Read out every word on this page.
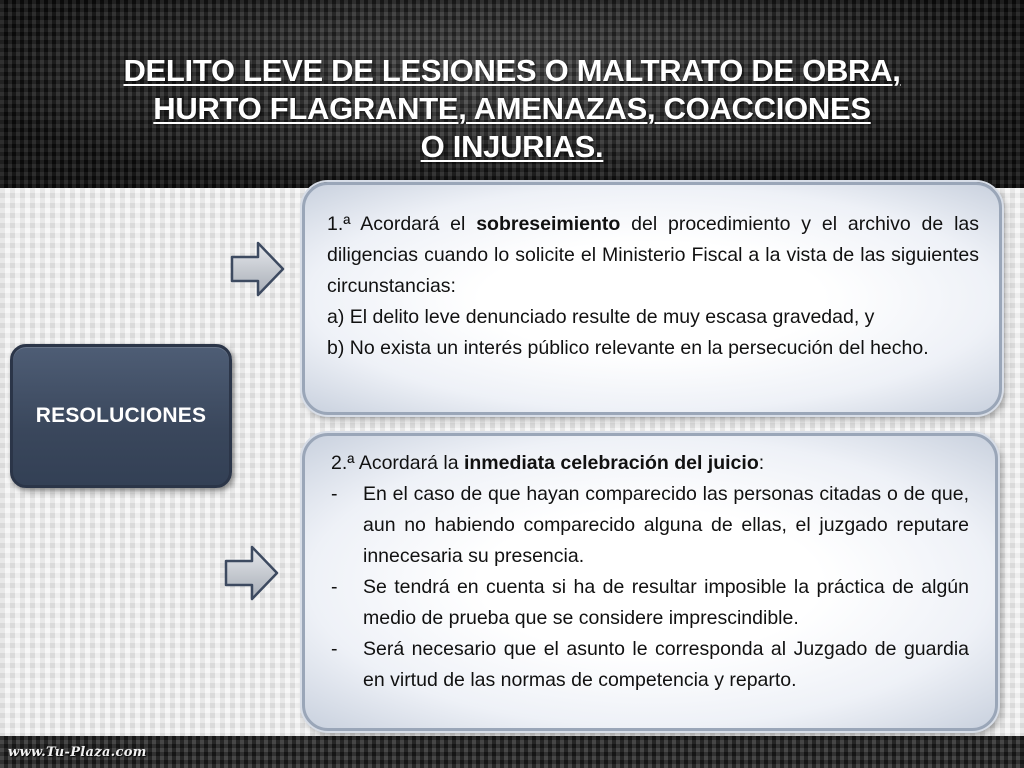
DELITO LEVE DE LESIONES O MALTRATO DE OBRA,
HURTO FLAGRANTE, AMENAZAS, COACCIONES
O INJURIAS.
RESOLUCIONES

1.ª Acordará el sobreseimiento del procedimiento y el archivo de las diligencias cuando lo solicite el Ministerio Fiscal a la vista de las siguientes circunstancias:

a) El delito leve denunciado resulte de muy escasa gravedad, y

b) No exista un interés público relevante en la persecución del hecho.

2.ª Acordará la inmediata celebración del juicio:

- En el caso de que hayan comparecido las personas citadas o de que, aun no habiendo comparecido alguna de ellas, el juzgado reputare innecesaria su presencia.
- Se tendrá en cuenta si ha de resultar imposible la práctica de algún medio de prueba que se considere imprescindible.
- Será necesario que el asunto le corresponda al Juzgado de guardia en virtud de las normas de competencia y reparto.
www.Tu-Plaza.com
